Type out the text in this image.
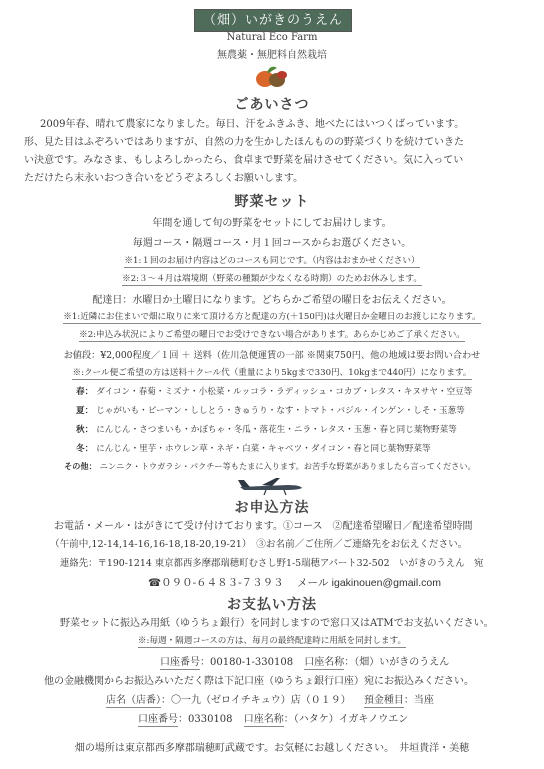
（畑）いがきのうえん
Natural Eco Farm
無農薬・無肥料自然栽培
ごあいさつ
2009年春、晴れて農家になりました。毎日、汗をふきふき、地べたにはいつくばっています。
形、見た目はふぞろいではありますが、自然の力を生かしたほんものの野菜づくりを続けていきた
い決意です。みなさま、もしよろしかったら、食卓まで野菜を届けさせてください。気に入ってい
ただけたら末永いおつき合いをどうぞよろしくお願いします。
野菜セット
年間を通して旬の野菜をセットにしてお届けします。
毎週コース・隔週コース・月１回コースからお選びください。
※1:１回のお届け内容はどのコースも同じです。（内容はおまかせください）
※2:３～４月は端境期（野菜の種類が少なくなる時期）のためお休みします。
配達日：水曜日か土曜日になります。どちらかご希望の曜日をお伝えください。
※1:近隣にお住まいで畑に取りに来て頂ける方と配達の方(＋150円)は火曜日か金曜日のお渡しになります。
※2:申込み状況によりご希望の曜日でお受けできない場合があります。あらかじめご了承ください。
お値段：¥2,000程度／１回 ＋ 送料（佐川急便運賃の一部 ※関東750円、他の地域は要お問い合わせ
※:クール便ご希望の方は送料＋クール代（重量により5kgまで330円、10kgまで440円）になります。
春： ダイコン・春菊・ミズナ・小松菜・ルッコラ・ラディッシュ・コカブ・レタス・キヌサヤ・空豆等
夏： じゃがいも・ピーマン・ししとう・きゅうり・なす・トマト・バジル・インゲン・しそ・玉葱等
秋： にんじん・さつまいも・かぼちゃ・冬瓜・落花生・ニラ・レタス・玉葱・春と同じ葉物野菜等
冬： にんじん・里芋・ホウレン草・ネギ・白菜・キャベツ・ダイコン・春と同じ葉物野菜等
その他： ニンニク・トウガラシ・パクチー等もたまに入ります。お苦手な野菜がありましたら言ってください。
お申込方法
お電話・メール・はがきにて受け付けております。①コース　②配達希望曜日／配達希望時間
（午前中,12-14,14-16,16-18,18-20,19-21）　③お名前／ご住所／ご連絡先をお伝えください。
連絡先：〒190-1214 東京都西多摩郡瑞穂町むさし野1-5瑞穂アパート32-502　いがきのうえん　宛
☎０９０-６４８３-７３９３ メール igakinouen@gmail.com
お支払い方法
野菜セットに振込み用紙（ゆうちょ銀行）を同封しますので窓口又はATMでお支払いください。
※:毎週・隔週コースの方は、毎月の最終配達時に用紙を同封します。
口座番号：00180-1-330108 口座名称：（畑）いがきのうえん
他の金融機関からお振込みいただく際は下記口座（ゆうちょ銀行口座）宛にお振込みください。
店名（店番）：〇一九（ゼロイチキュウ）店（０１９） 預金種目：当座
口座番号：0330108 口座名称：（ハタケ）イガキノウエン
畑の場所は東京都西多摩郡瑞穂町武蔵です。お気軽にお越しください。　井垣貴洋・美穂
